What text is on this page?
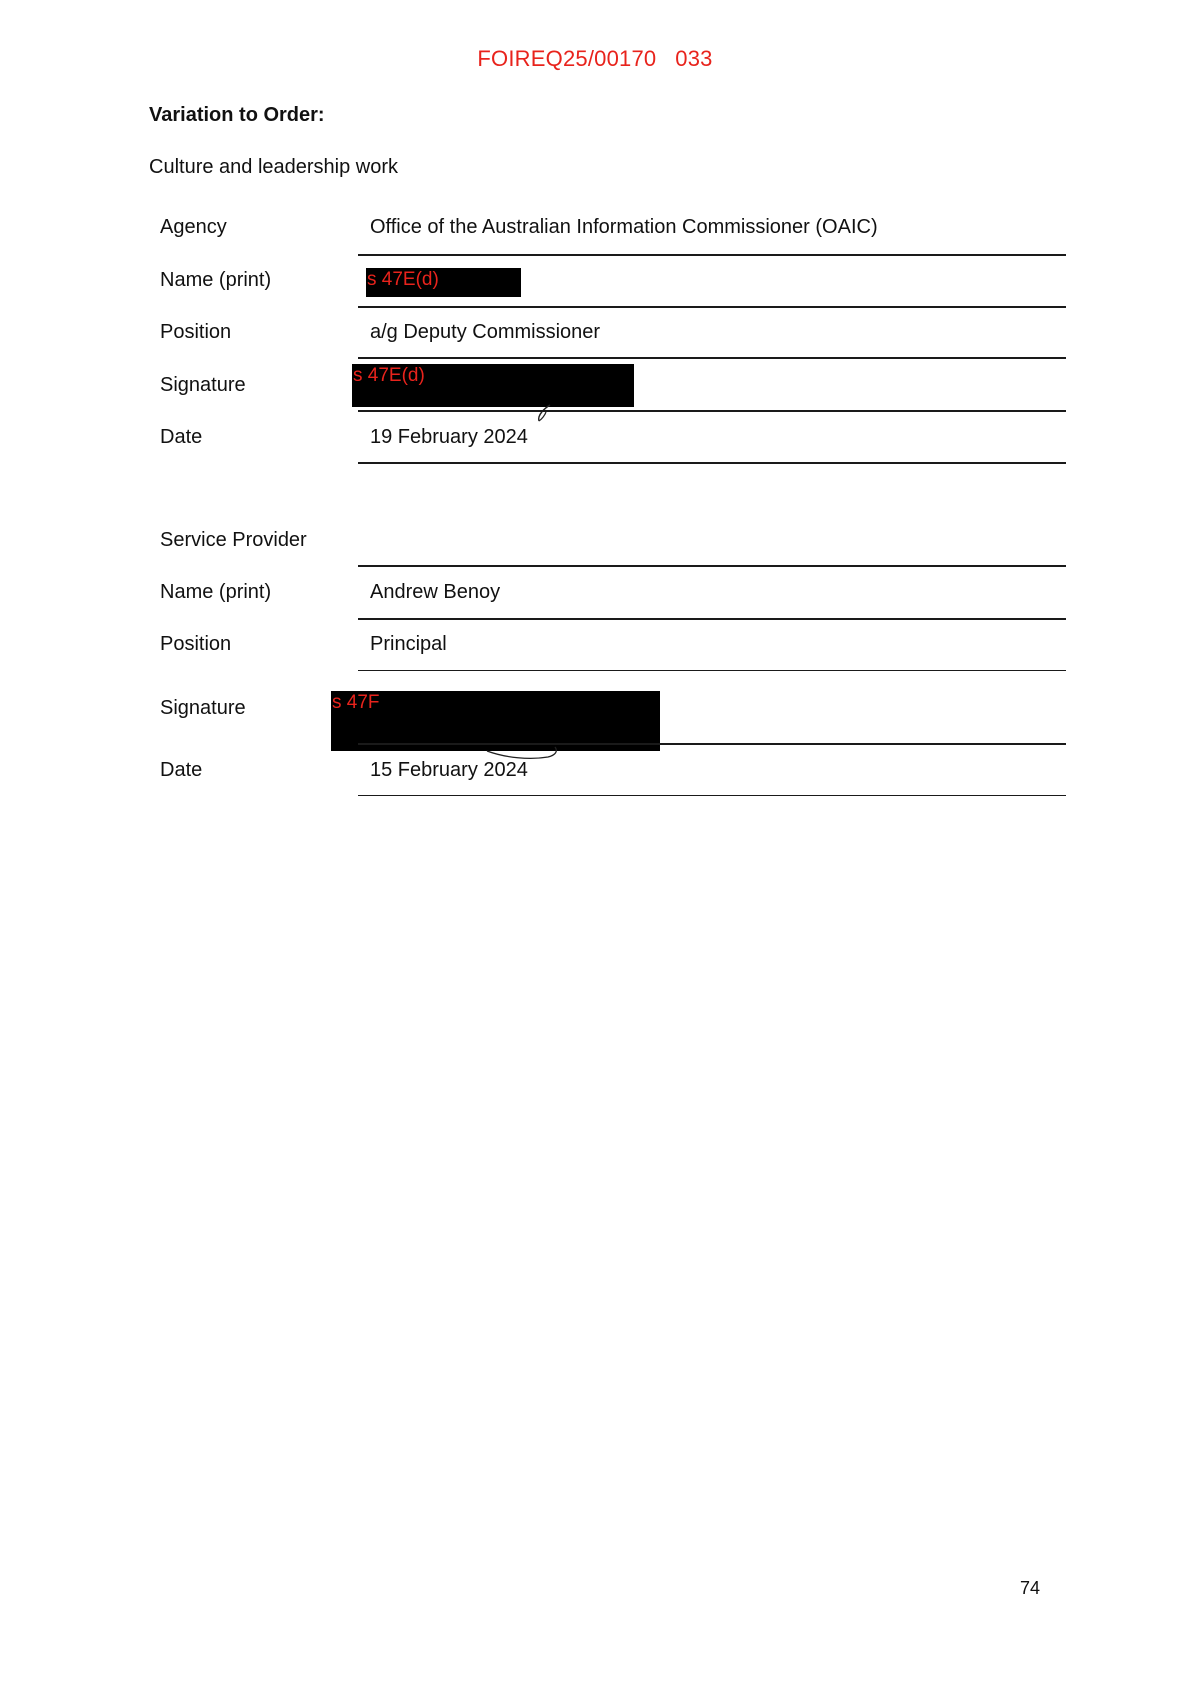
FOIREQ25/00170   033
Variation to Order:
Culture and leadership work
Agency	Office of the Australian Information Commissioner (OAIC)
Name (print)	s 47E(d)
Position	a/g Deputy Commissioner
Signature	s 47E(d)
Date	19 February 2024
Service Provider
Name (print)	Andrew Benoy
Position	Principal
Signature	s 47F
Date	15 February 2024
74
